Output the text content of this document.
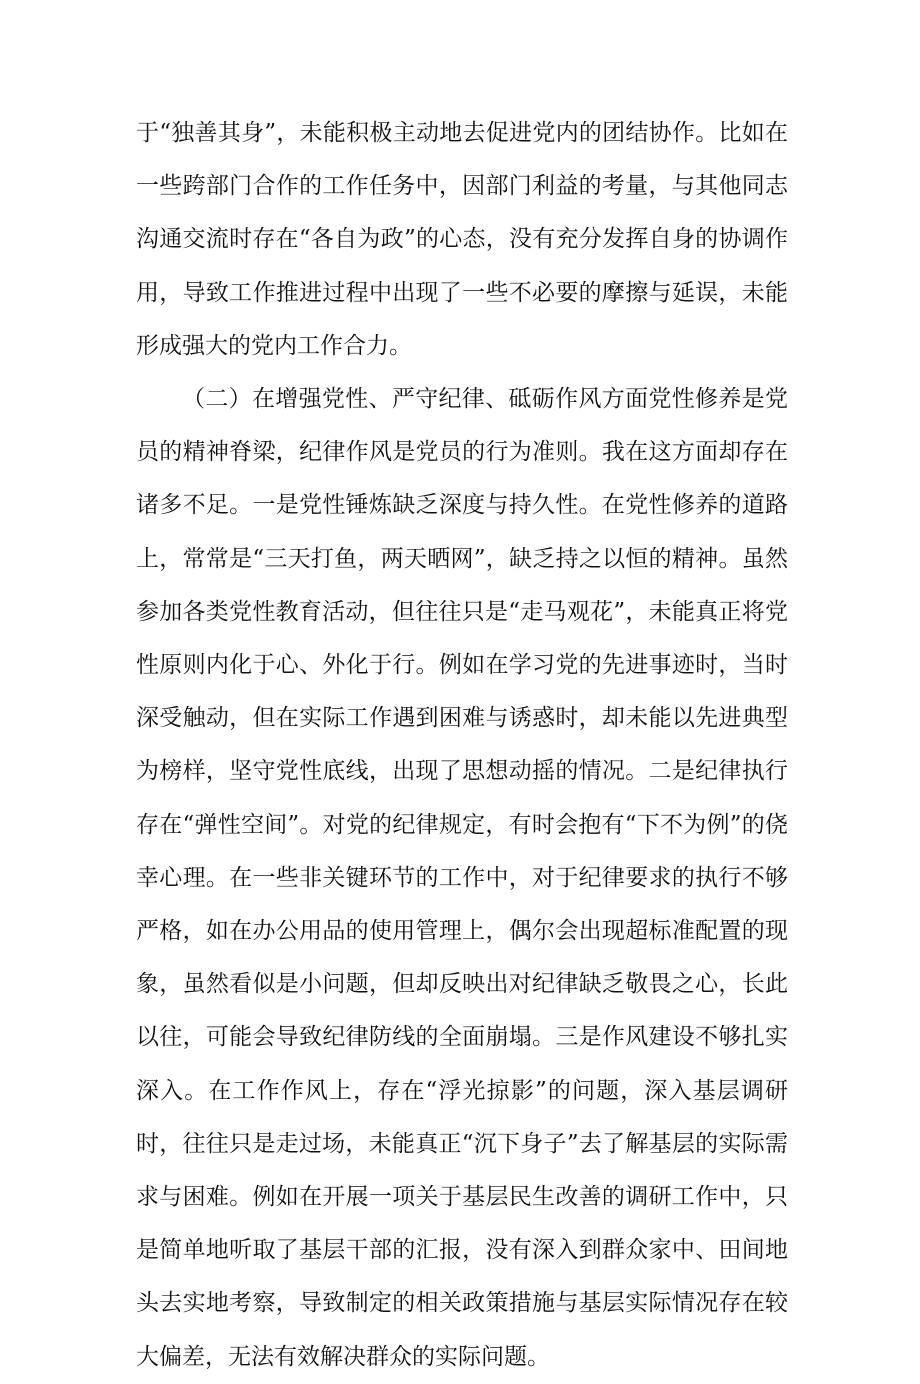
于“独善其身”，未能积极主动地去促进党内的团结协作。比如在一些跨部门合作的工作任务中，因部门利益的考量，与其他同志沟通交流时存在“各自为政”的心态，没有充分发挥自身的协调作用，导致工作推进过程中出现了一些不必要的摩擦与延误，未能形成强大的党内工作合力。

（二）在增强党性、严守纪律、砥砺作风方面党性修养是党员的精神脊梁，纪律作风是党员的行为准则。我在这方面却存在诸多不足。一是党性锤炼缺乏深度与持久性。在党性修养的道路上，常常是“三天打鱼，两天晒网”，缺乏持之以恒的精神。虽然参加各类党性教育活动，但往往只是“走马观花”，未能真正将党性原则内化于心、外化于行。例如在学习党的先进事迹时，当时深受触动，但在实际工作遇到困难与诱惑时，却未能以先进典型为榜样，坚守党性底线，出现了思想动摇的情况。二是纪律执行存在“弹性空间”。对党的纪律规定，有时会抱有“下不为例”的侥幸心理。在一些非关键环节的工作中，对于纪律要求的执行不够严格，如在办公用品的使用管理上，偶尔会出现超标准配置的现象，虽然看似是小问题，但却反映出对纪律缺乏敬畏之心，长此以往，可能会导致纪律防线的全面崩塌。三是作风建设不够扎实深入。在工作作风上，存在“浮光掠影”的问题，深入基层调研时，往往只是走过场，未能真正“沉下身子”去了解基层的实际需求与困难。例如在开展一项关于基层民生改善的调研工作中，只是简单地听取了基层干部的汇报，没有深入到群众家中、田间地头去实地考察，导致制定的相关政策措施与基层实际情况存在较大偏差，无法有效解决群众的实际问题。
